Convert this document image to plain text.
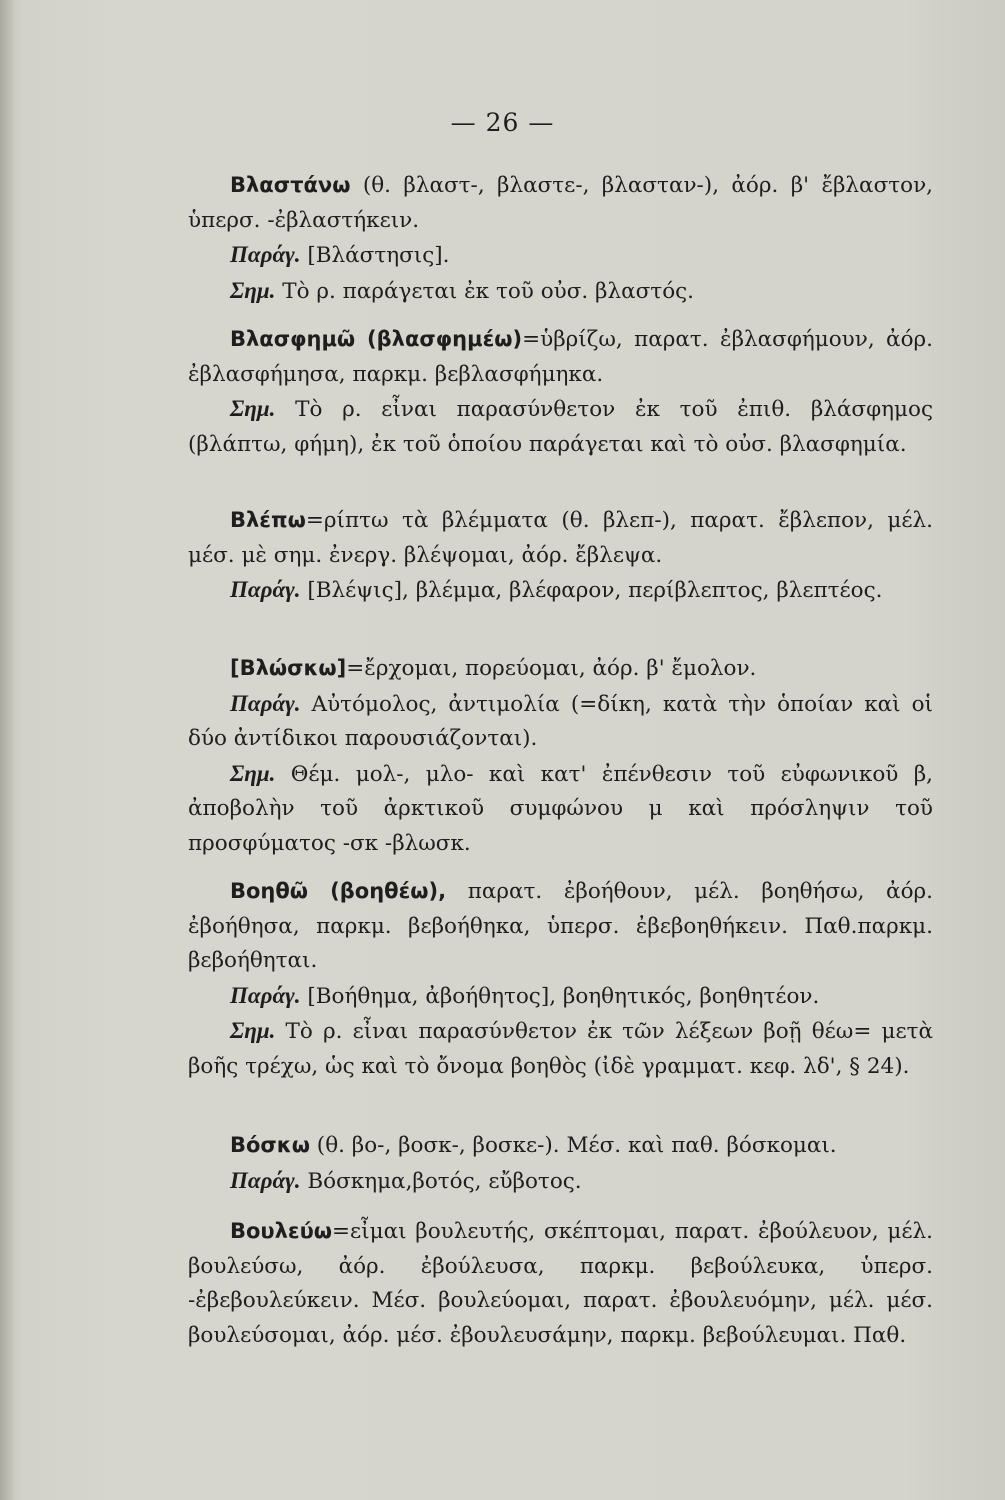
— 26 —

Βλαστάνω (θ. βλαστ-, βλαστε-, βλασταν-), ἀόρ. β' ἔβλαστον, ὑπερσ. -ἐβλαστήκειν.

Παράγ. [Βλάστησις].

Σημ. Τὸ ρ. παράγεται ἐκ τοῦ οὐσ. βλαστός.

Βλασφημῶ (βλασφημέω)=ὑβρίζω, παρατ. ἐβλασφήμουν, ἀόρ. ἐβλασφήμησα, παρκμ. βεβλασφήμηκα.

Σημ. Τὸ ρ. εἶναι παρασύνθετον ἐκ τοῦ ἐπιθ. βλάσφημος (βλάπτω, φήμη), ἐκ τοῦ ὁποίου παράγεται καὶ τὸ οὐσ. βλασφημία.

Βλέπω=ρίπτω τὰ βλέμματα (θ. βλεπ-), παρατ. ἔβλεπον, μέλ. μέσ. μὲ σημ. ἐνεργ. βλέψομαι, ἀόρ. ἔβλεψα.

Παράγ. [Βλέψις], βλέμμα, βλέφαρον, περίβλεπτος, βλεπτέος.

[Βλώσκω]=ἔρχομαι, πορεύομαι, ἀόρ. β' ἔμολον.

Παράγ. Αὐτόμολος, ἀντιμολία (=δίκη, κατὰ τὴν ὁποίαν καὶ οἱ δύο ἀντίδικοι παρουσιάζονται).

Σημ. Θέμ. μολ-, μλο- καὶ κατ' ἐπένθεσιν τοῦ εὐφωνικοῦ β, ἀποβολὴν τοῦ ἀρκτικοῦ συμφώνου μ καὶ πρόσληψιν τοῦ προσφύματος -σκ -βλωσκ.

Βοηθῶ (βοηθέω), παρατ. ἐβοήθουν, μέλ. βοηθήσω, ἀόρ. ἐβοήθησα, παρκμ. βεβοήθηκα, ὑπερσ. ἐβεβοηθήκειν. Παθ.παρκμ. βεβοήθηται.

Παράγ. [Βοήθημα, ἀβοήθητος], βοηθητικός, βοηθητέον.

Σημ. Τὸ ρ. εἶναι παρασύνθετον ἐκ τῶν λέξεων βοῇ θέω= μετὰ βοῆς τρέχω, ὡς καὶ τὸ ὄνομα βοηθὸς (ἰδὲ γραμματ. κεφ. λδ', § 24).

Βόσκω (θ. βο-, βοσκ-, βοσκε-). Μέσ. καὶ παθ. βόσκομαι.

Παράγ. Βόσκημα,βοτός, εὔβοτος.

Βουλεύω=εἶμαι βουλευτής, σκέπτομαι, παρατ. ἐβούλευον, μέλ. βουλεύσω, ἀόρ. ἐβούλευσα, παρκμ. βεβούλευκα, ὑπερσ. -ἐβεβουλεύκειν. Μέσ. βουλεύομαι, παρατ. ἐβουλευόμην, μέλ. μέσ. βουλεύσομαι, ἀόρ. μέσ. ἐβουλευσάμην, παρκμ. βεβούλευμαι. Παθ.
